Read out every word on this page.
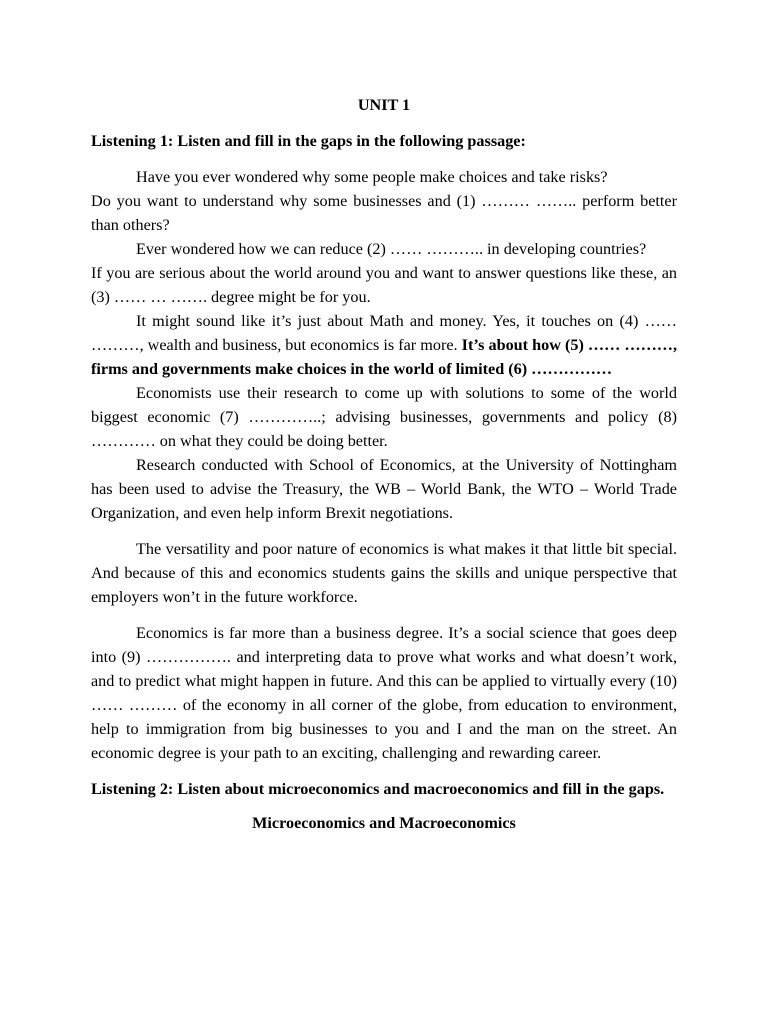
UNIT 1

Listening 1: Listen and fill in the gaps in the following passage:

Have you ever wondered why some people make choices and take risks?

Do you want to understand why some businesses and (1) ……… …….. perform better than others?

Ever wondered how we can reduce (2) …… ……….. in developing countries?

If you are serious about the world around you and want to answer questions like these, an (3) …… … ……. degree might be for you.

It might sound like it’s just about Math and money. Yes, it touches on (4) …… ………, wealth and business, but economics is far more. It’s about how (5) …… ………, firms and governments make choices in the world of limited (6) ……………

Economists use their research to come up with solutions to some of the world biggest economic (7) …………..; advising businesses, governments and policy (8) ………… on what they could be doing better.

Research conducted with School of Economics, at the University of Nottingham has been used to advise the Treasury, the WB – World Bank, the WTO – World Trade Organization, and even help inform Brexit negotiations.

The versatility and poor nature of economics is what makes it that little bit special. And because of this and economics students gains the skills and unique perspective that employers won’t in the future workforce.

Economics is far more than a business degree. It’s a social science that goes deep into (9) ……………. and interpreting data to prove what works and what doesn’t work, and to predict what might happen in future. And this can be applied to virtually every (10) …… ……… of the economy in all corner of the globe, from education to environment, help to immigration from big businesses to you and I and the man on the street. An economic degree is your path to an exciting, challenging and rewarding career.

Listening 2: Listen about microeconomics and macroeconomics and fill in the gaps.

Microeconomics and Macroeconomics
